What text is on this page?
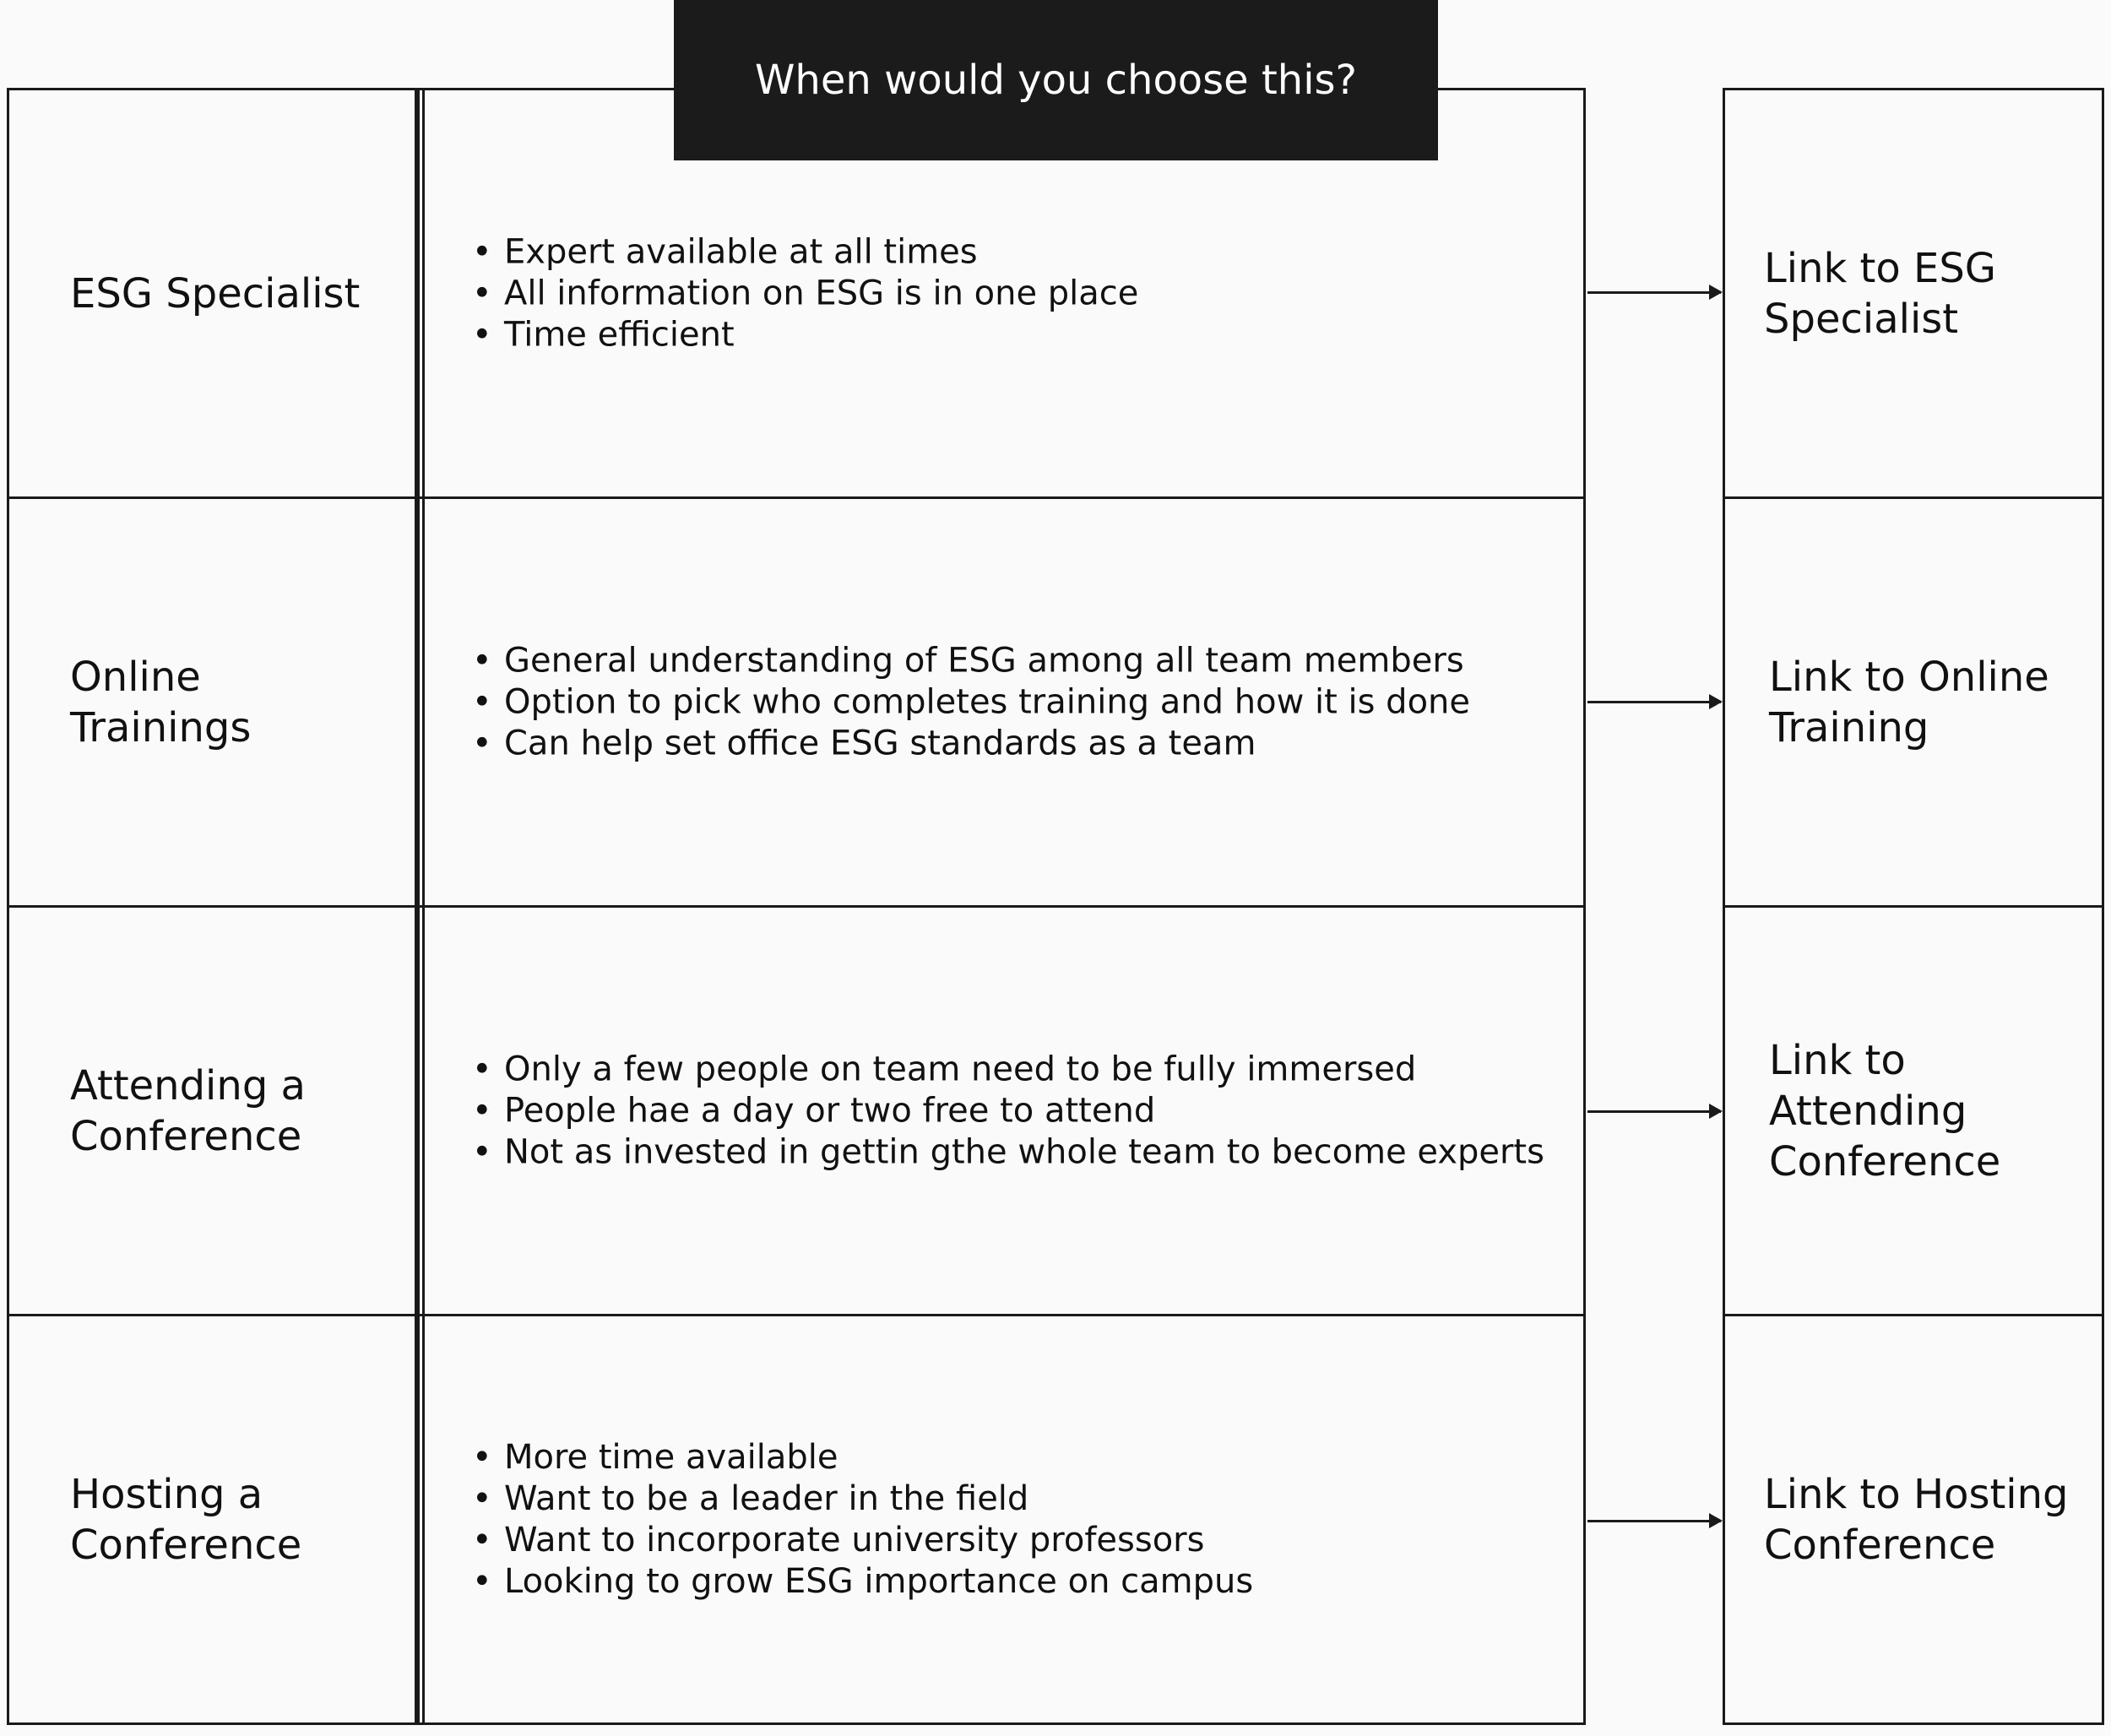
When would you choose this?
ESG Specialist
• Expert available at all times
• All information on ESG is in one place
• Time efficient
Link to ESG Specialist
Online Trainings
• General understanding of ESG among all team members
• Option to pick who completes training and how it is done
• Can help set office ESG standards as a team
Link to Online Training
Attending a Conference
• Only a few people on team need to be fully immersed
• People hae a day or two free to attend
• Not as invested in gettin gthe whole team to become experts
Link to Attending Conference
Hosting a Conference
• More time available
• Want to be a leader in the field
• Want to incorporate university professors
• Looking to grow ESG importance on campus
Link to Hosting Conference
